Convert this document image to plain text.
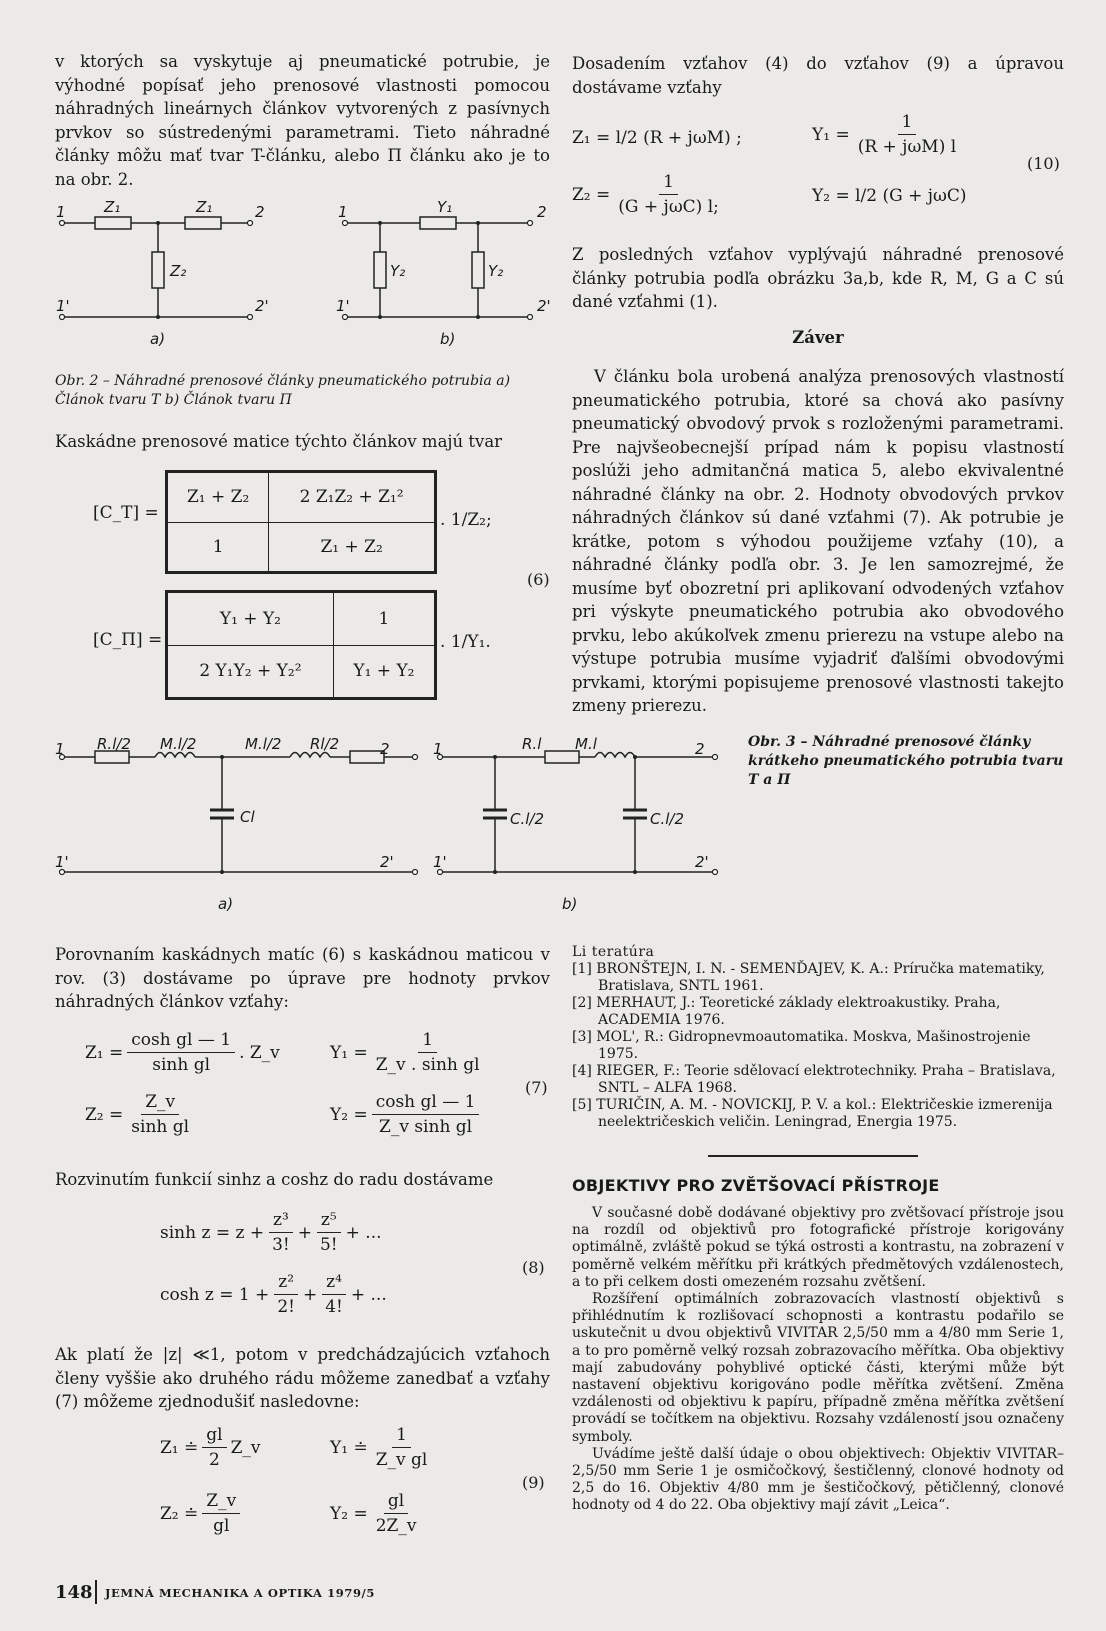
v ktorých sa vyskytuje aj pneumatické potrubie, je výhodné popísať jeho prenosové vlastnosti pomocou náhradných lineárnych článkov vytvorených z pasívnych prvkov so sústredenými parametrami. Tieto náhradné články môžu mať tvar T-článku, alebo Π článku ako je to na obr. 2.

1	Z₁	Z₁	2
Z₂
1'	2'
a)
1	Y₁	2
Y₂	Y₂
1'	2'
b)
Obr. 2 – Náhradné prenosové články pneumatického potrubia a) Článok tvaru T b) Článok tvaru Π
Kaskádne prenosové matice týchto článkov majú tvar
[C_T] =
Z₁ + Z₂	2 Z₁Z₂ + Z₁²
1	Z₁ + Z₂
. 1/Z₂;
(6)
[C_Π] =
Y₁ + Y₂	1
2 Y₁Y₂ + Y₂²	Y₁ + Y₂
. 1/Y₁.

Dosadením vzťahov (4) do vzťahov (9) a úpravou dostávame vzťahy

Z₁ = l/2 (R + jωM) ;	$Y_1 = \frac{1}{\text{(R + jωM) l}}$
$Z_2 = \frac{1}{\text{(G + jωC) l;}}$	Y₂ = l/2 (G + jωC)
(10)

Z posledných vzťahov vyplývajú náhradné prenosové články potrubia podľa obrázku 3a,b, kde R, M, G a C sú dané vzťahmi (1).

Záver

V článku bola urobená analýza prenosových vlastností pneumatického potrubia, ktoré sa chová ako pasívny pneumatický obvodový prvok s rozloženými parametrami. Pre najvšeobecnejší prípad nám k popisu vlastností poslúži jeho admitančná matica 5, alebo ekvivalentné náhradné články na obr. 2. Hodnoty obvodových prvkov náhradných článkov sú dané vzťahmi (7). Ak potrubie je krátke, potom s výhodou použijeme vzťahy (10), a náhradné články podľa obr. 3. Je len samozrejmé, že musíme byť obozretní pri aplikovaní odvodených vzťahov pri výskyte pneumatického potrubia ako obvodového prvku, lebo akúkoľvek zmenu prierezu na vstupe alebo na výstupe potrubia musíme vyjadriť ďalšími obvodovými prvkami, ktorými popisujeme prenosové vlastnosti takejto zmeny prierezu.

1 R.l/2 M.l/2	M.l/2 Rl/2	2
Cl
1'	2'
a)
1	R.l M.l	2
C.l/2	C.l/2
1'	2'
b)
Obr. 3 – Náhradné prenosové články krátkeho pneumatického potrubia tvaru T a Π

Porovnaním kaskádnych matíc (6) s kaskádnou maticou v rov. (3) dostávame po úprave pre hodnoty prvkov náhradných článkov vzťahy:

$Z_1 = \frac{\text{cosh gl — 1}}{\text{sinh gl}}$ . Z_v	$Y_1 = \frac{1}{\text{Z\_v . sinh gl}}$
$Z_2 = \frac{Z\_v}{\text{sinh gl}}$	$Y_2 = \frac{\text{cosh gl — 1}}{\text{Z\_v sinh gl}}$
(7)
Rozvinutím funkcií sinhz a coshz do radu dostávame
$\sinh z = z + \frac{\text{z³}}{3!} + \frac{\text{z⁵}}{5!}$ + ...
$\cosh z = 1 + \frac{\text{z²}}{2!} + \frac{\text{z⁴}}{4!}$ + ...
(8)

Ak platí že |z| ≪1, potom v predchádzajúcich vzťahoch členy vyššie ako druhého rádu môžeme zanedbať a vzťahy (7) môžeme zjednodušiť nasledovne:

Z₁ ≐ $\frac{gl}{2}$ Z_v	Y₁ ≐ $\frac{1}{\text{Z\_v gl}}$
Z₂ ≐ $\frac{Z\_v}{gl}$	$Y_2 = \frac{gl}{2Z\_v}$
(9)
148 JEMNÁ MECHANIKA A OPTIKA 1979/5

Li teratúra

[1] BRONŠTEJN, I. N. - SEMENĎAJEV, K. A.: Príručka matematiky, Bratislava, SNTL 1961.
[2] MERHAUT, J.: Teoretické základy elektroakustiky. Praha, ACADEMIA 1976.
[3] MOL', R.: Gidropnevmoautomatika. Moskva, Mašinostrojenie 1975.
[4] RIEGER, F.: Teorie sdělovací elektrotechniky. Praha – Bratislava, SNTL – ALFA 1968.
[5] TURIČIN, A. M. - NOVICKIJ, P. V. a kol.: Električeskie izmerenija neelektričeskich veličin. Leningrad, Energia 1975.
OBJEKTIVY PRO ZVĚTŠOVACÍ PŘÍSTROJE

V současné době dodávané objektivy pro zvětšovací přístroje jsou na rozdíl od objektivů pro fotografické přístroje korigovány optimálně, zvláště pokud se týká ostrosti a kontrastu, na zobrazení v poměrně velkém měřítku při krátkých předmětových vzdálenostech, a to při celkem dosti omezeném rozsahu zvětšení.

Rozšíření optimálních zobrazovacích vlastností objektivů s přihlédnutím k rozlišovací schopnosti a kontrastu podařilo se uskutečnit u dvou objektivů VIVITAR 2,5/50 mm a 4/80 mm Serie 1, a to pro poměrně velký rozsah zobrazovacího měřítka. Oba objektivy mají zabudovány pohyblivé optické části, kterými může být nastavení objektivu korigováno podle měřítka zvětšení. Změna vzdálenosti od objektivu k papíru, případně změna měřítka zvětšení provádí se točítkem na objektivu. Rozsahy vzdáleností jsou označeny symboly.

Uvádíme ještě další údaje o obou objektivech: Objektiv VIVITAR–2,5/50 mm Serie 1 je osmičočkový, šestičlenný, clonové hodnoty od 2,5 do 16. Objektiv 4/80 mm je šestičočkový, pětičlenný, clonové hodnoty od 4 do 22. Oba objektivy mají závit „Leica“.
